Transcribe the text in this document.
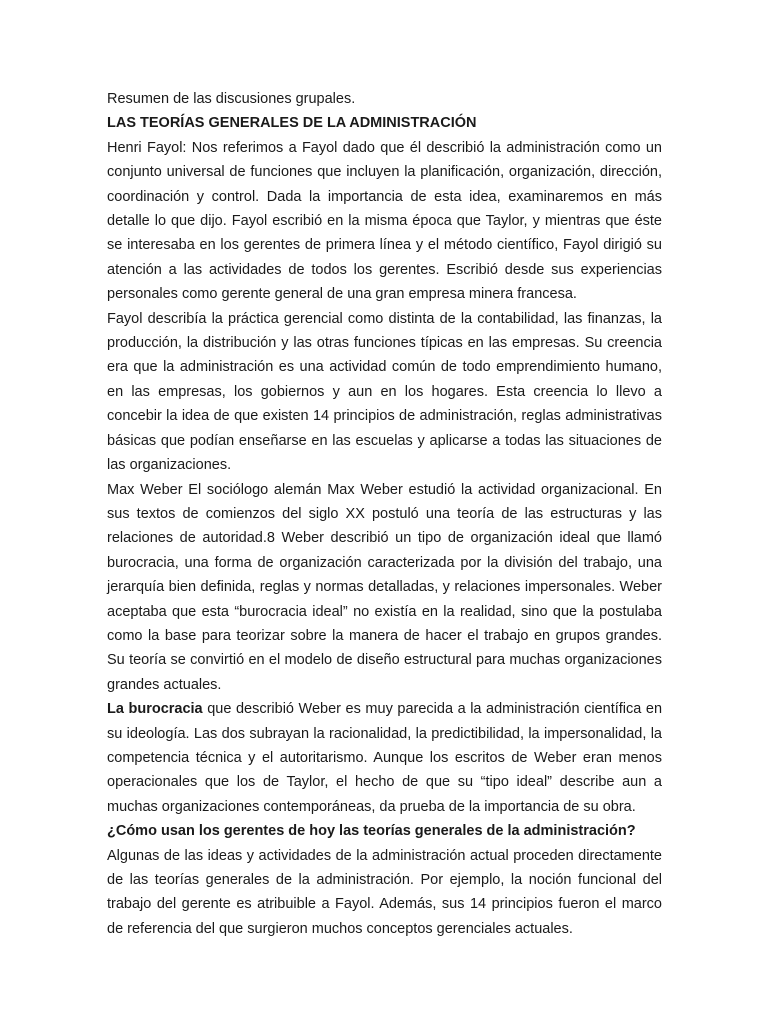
Resumen de las discusiones grupales.

LAS TEORÍAS GENERALES DE LA ADMINISTRACIÓN

Henri Fayol: Nos referimos a Fayol dado que él describió la administración como un conjunto universal de funciones que incluyen la planificación, organización, dirección, coordinación y control. Dada la importancia de esta idea, examinaremos en más detalle lo que dijo. Fayol escribió en la misma época que Taylor, y mientras que éste se interesaba en los gerentes de primera línea y el método científico, Fayol dirigió su atención a las actividades de todos los gerentes. Escribió desde sus experiencias personales como gerente general de una gran empresa minera francesa.

Fayol describía la práctica gerencial como distinta de la contabilidad, las finanzas, la producción, la distribución y las otras funciones típicas en las empresas. Su creencia era que la administración es una actividad común de todo emprendimiento humano, en las empresas, los gobiernos y aun en los hogares. Esta creencia lo llevo a concebir la idea de que existen 14 principios de administración, reglas administrativas básicas que podían enseñarse en las escuelas y aplicarse a todas las situaciones de las organizaciones.

Max Weber El sociólogo alemán Max Weber estudió la actividad organizacional. En sus textos de comienzos del siglo XX postuló una teoría de las estructuras y las relaciones de autoridad.8 Weber describió un tipo de organización ideal que llamó burocracia, una forma de organización caracterizada por la división del trabajo, una jerarquía bien definida, reglas y normas detalladas, y relaciones impersonales. Weber aceptaba que esta “burocracia ideal” no existía en la realidad, sino que la postulaba como la base para teorizar sobre la manera de hacer el trabajo en grupos grandes. Su teoría se convirtió en el modelo de diseño estructural para muchas organizaciones grandes actuales.

La burocracia que describió Weber es muy parecida a la administración científica en su ideología. Las dos subrayan la racionalidad, la predictibilidad, la impersonalidad, la competencia técnica y el autoritarismo. Aunque los escritos de Weber eran menos operacionales que los de Taylor, el hecho de que su “tipo ideal” describe aun a muchas organizaciones contemporáneas, da prueba de la importancia de su obra.

¿Cómo usan los gerentes de hoy las teorías generales de la administración?

Algunas de las ideas y actividades de la administración actual proceden directamente de las teorías generales de la administración. Por ejemplo, la noción funcional del trabajo del gerente es atribuible a Fayol. Además, sus 14 principios fueron el marco de referencia del que surgieron muchos conceptos gerenciales actuales.
